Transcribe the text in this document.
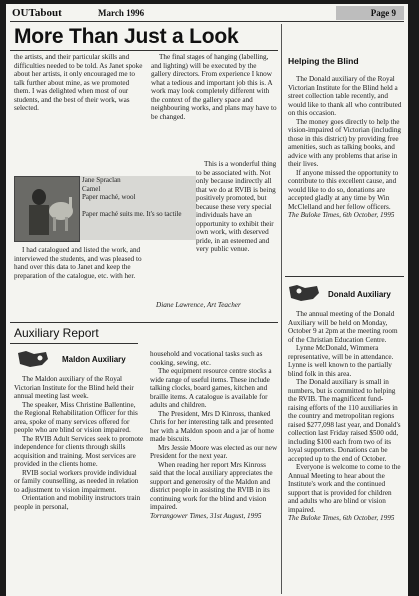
OUTabout	March 1996	Page 9
More Than Just a Look
the artists, and their particular skills and difficulties needed to be told. As Janet spoke about her artists, it only encouraged me to talk further about mine, as we promoted them. I was delighted when most of our students, and the best of their work, was selected.
Jane Spraclan
Camel
Paper maché, wool
Paper maché suits me. It's so tactile
I had catalogued and listed the work, and interviewed the students, and was pleased to hand over this data to Janet and keep the preparation of the catalogue, etc. with her.
The final stages of hanging (labelling, and lighting) will be executed by the gallery directors. From experience I know what a tedious and important job this is. A work may look completely different with the context of the gallery space and neighbouring works, and plans may have to be changed.
This is a wonderful thing to be associated with. Not only because indirectly all that we do at RVIB is being positively promoted, but because these very special individuals have an opportunity to exhibit their own work, with deserved pride, in an esteemed and very public venue.
Diane Lawrence, Art Teacher
Auxiliary Report
Maldon Auxiliary

The Maldon auxiliary of the Royal Victorian Institute for the Blind held their annual meeting last week.

The speaker, Miss Christine Ballentine, the Regional Rehabilitation Officer for this area, spoke of many services offered for people who are blind or vision impaired.

The RVIB Adult Services seek to promote independence for clients through skills acquisition and training. Most services are provided in the clients home.

RVIB social workers provide individual or family counselling, as needed in relation to adjustment to vision impairment.

Orientation and mobility instructors train people in personal,

household and vocational tasks such as cooking, sewing, etc.

The equipment resource centre stocks a wide range of useful items. These include talking clocks, board games, kitchen and braille items. A catalogue is available for adults and children.

The President, Mrs D Kinross, thanked Chris for her interesting talk and presented her with a Maldon spoon and a jar of home made biscuits.

Mrs Jessie Moore was elected as our new President for the next year.

When reading her report Mrs Kinross said that the local auxiliary appreciates the support and generosity of the Maldon and district people in assisting the RVIB in its continuing work for the blind and vision impaired.

Torrangower Times, 31st August, 1995

Helping the Blind

The Donald auxiliary of the Royal Victorian Institute for the Blind held a street collection table recently, and would like to thank all who contributed on this occasion.

The money goes directly to help the vision-impaired of Victorian (including those in this district) by providing free amenities, such as talking books, and advice with any problems that arise in their lives.

If anyone missed the opportunity to contribute to this excellent cause, and would like to do so, donations are accepted gladly at any time by Win McClelland and her fellow officers.

The Buloke Times, 6th October, 1995

Donald Auxiliary

The annual meeting of the Donald Auxiliary will be held on Monday, October 9 at 2pm at the meeting room of the Christian Education Centre.

Lynne McDonald, Wimmera representative, will be in attendance. Lynne is well known to the partially blind folk in this area.

The Donald auxiliary is small in numbers, but is committed to helping the RVIB. The magnificent fund-raising efforts of the 110 auxiliaries in the country and metropolitan regions raised $277,098 last year, and Donald's collection last Friday raised $500 odd, including $100 each from two of its loyal supporters. Donations can be accepted up to the end of October.

Everyone is welcome to come to the Annual Meeting to hear about the Institute's work and the continued support that is provided for children and adults who are blind or vision impaired.

The Buloke Times, 6th October, 1995
